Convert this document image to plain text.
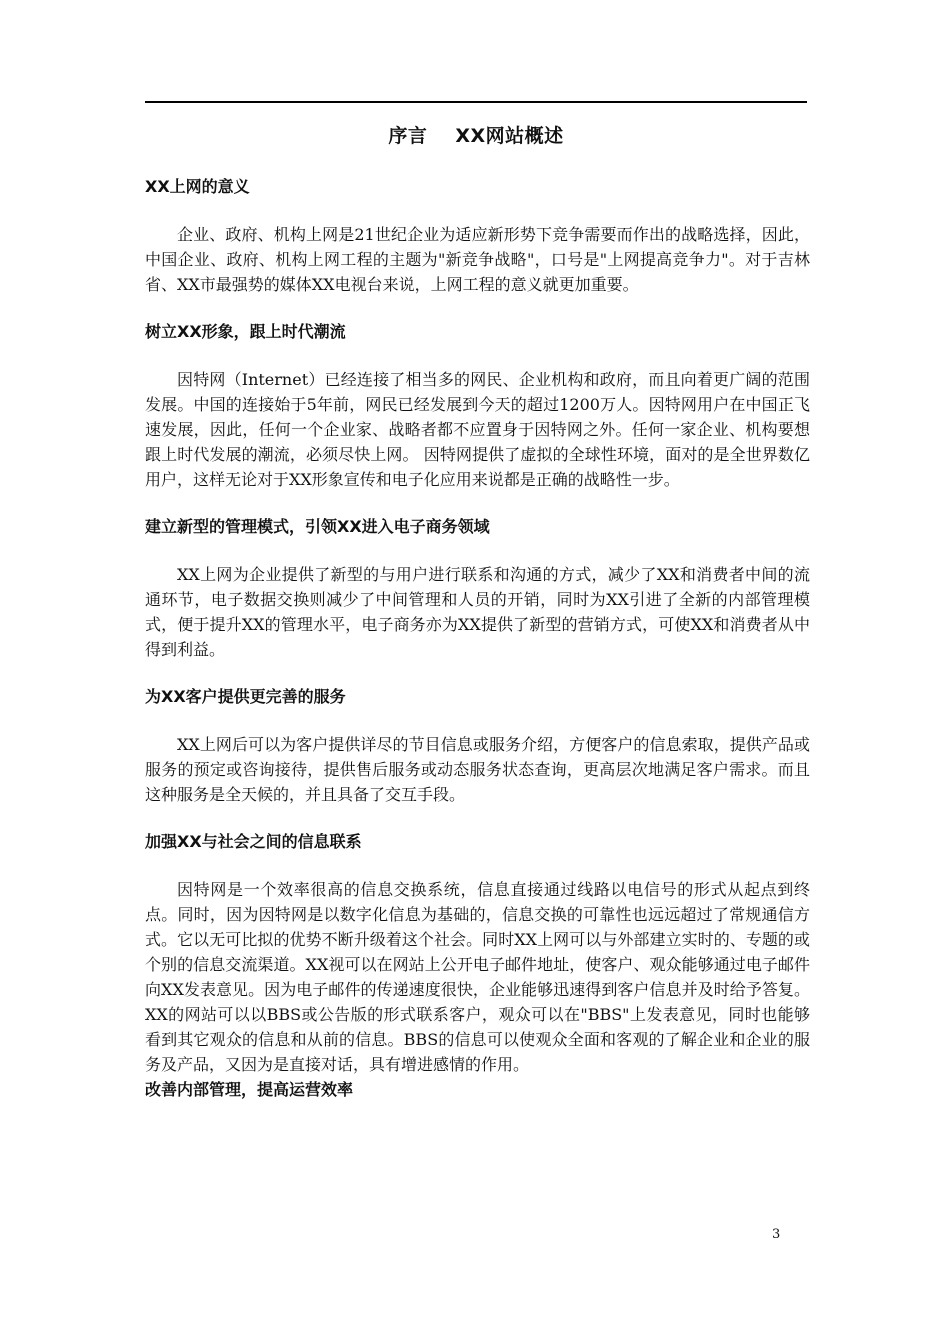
序言 XX网站概述

XX上网的意义

企业、政府、机构上网是21世纪企业为适应新形势下竞争需要而作出的战略选择，因此，中国企业、政府、机构上网工程的主题为"新竞争战略"，口号是"上网提高竞争力"。对于吉林省、XX市最强势的媒体XX电视台来说，上网工程的意义就更加重要。

树立XX形象，跟上时代潮流

因特网（Internet）已经连接了相当多的网民、企业机构和政府，而且向着更广阔的范围发展。中国的连接始于5年前，网民已经发展到今天的超过1200万人。因特网用户在中国正飞速发展，因此，任何一个企业家、战略者都不应置身于因特网之外。任何一家企业、机构要想跟上时代发展的潮流，必须尽快上网。 因特网提供了虚拟的全球性环境，面对的是全世界数亿用户，这样无论对于XX形象宣传和电子化应用来说都是正确的战略性一步。

建立新型的管理模式，引领XX进入电子商务领域

XX上网为企业提供了新型的与用户进行联系和沟通的方式，减少了XX和消费者中间的流通环节，电子数据交换则减少了中间管理和人员的开销，同时为XX引进了全新的内部管理模式，便于提升XX的管理水平，电子商务亦为XX提供了新型的营销方式，可使XX和消费者从中得到利益。

为XX客户提供更完善的服务

XX上网后可以为客户提供详尽的节目信息或服务介绍，方便客户的信息索取，提供产品或服务的预定或咨询接待，提供售后服务或动态服务状态查询，更高层次地满足客户需求。而且这种服务是全天候的，并且具备了交互手段。

加强XX与社会之间的信息联系

因特网是一个效率很高的信息交换系统，信息直接通过线路以电信号的形式从起点到终点。同时，因为因特网是以数字化信息为基础的，信息交换的可靠性也远远超过了常规通信方式。它以无可比拟的优势不断升级着这个社会。同时XX上网可以与外部建立实时的、专题的或个别的信息交流渠道。XX视可以在网站上公开电子邮件地址，使客户、观众能够通过电子邮件向XX发表意见。因为电子邮件的传递速度很快，企业能够迅速得到客户信息并及时给予答复。XX的网站可以以BBS或公告版的形式联系客户，观众可以在"BBS"上发表意见，同时也能够看到其它观众的信息和从前的信息。BBS的信息可以使观众全面和客观的了解企业和企业的服务及产品，又因为是直接对话，具有增进感情的作用。

改善内部管理，提高运营效率

3
